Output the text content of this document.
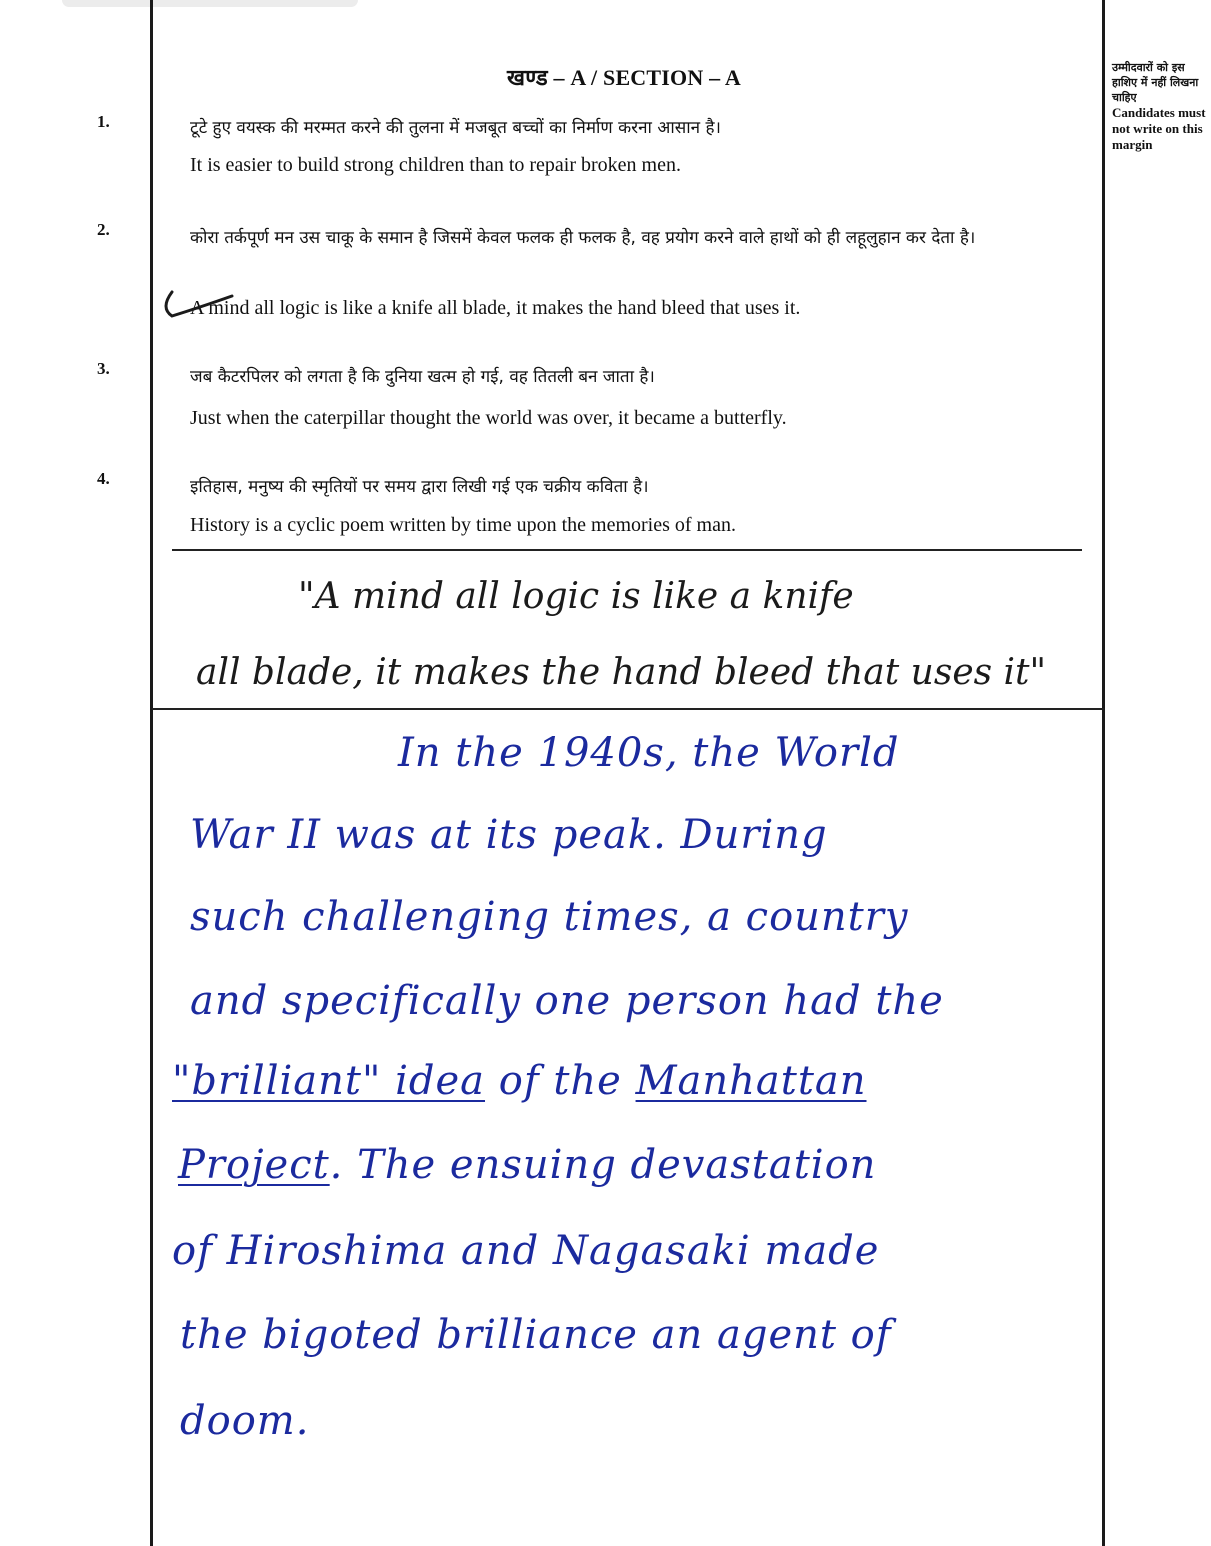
खण्ड – A / SECTION – A	उम्मीदवारों को इस हाशिए में नहीं लिखना चाहिए
Candidates must not write on this margin
1.	टूटे हुए वयस्क की मरम्मत करने की तुलना में मजबूत बच्चों का निर्माण करना आसान है।
It is easier to build strong children than to repair broken men.
2.	कोरा तर्कपूर्ण मन उस चाकू के समान है जिसमें केवल फलक ही फलक है, वह प्रयोग करने वाले हाथों को ही लहूलुहान कर देता है।
A mind all logic is like a knife all blade, it makes the hand bleed that uses it.
3.	जब कैटरपिलर को लगता है कि दुनिया खत्म हो गई, वह तितली बन जाता है।
Just when the caterpillar thought the world was over, it became a butterfly.
4.	इतिहास, मनुष्य की स्मृतियों पर समय द्वारा लिखी गई एक चक्रीय कविता है।
History is a cyclic poem written by time upon the memories of man.
"A mind all logic is like a knife
all blade, it makes the hand bleed that uses it"
In the 1940s, the World
War II was at its peak. During
such challenging times, a country
and specifically one person had the
"brilliant" idea of the Manhattan
Project. The ensuing devastation
of Hiroshima and Nagasaki made
the bigoted brilliance an agent of
doom.
